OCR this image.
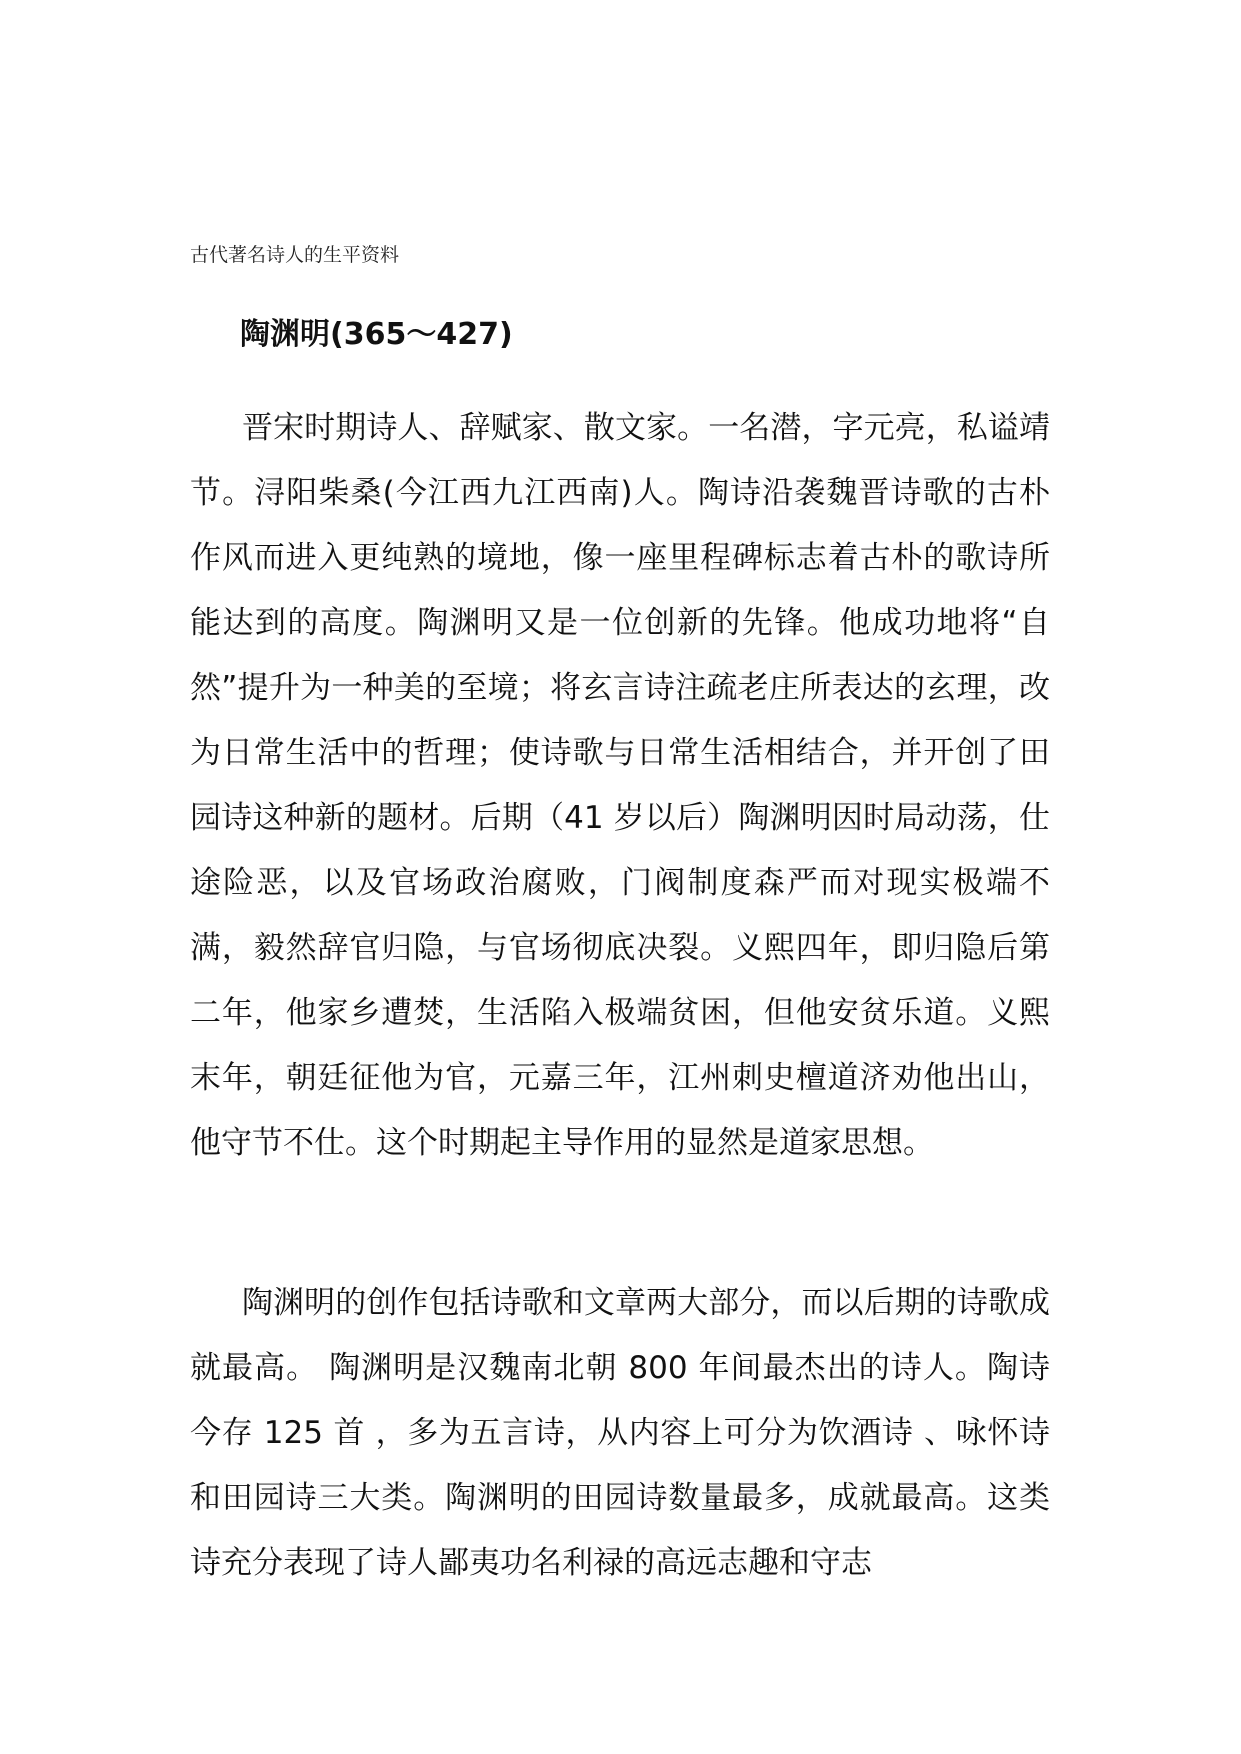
古代著名诗人的生平资料
陶渊明(365～427)

晋宋时期诗人、辞赋家、散文家。一名潜，字元亮，私谥靖节。浔阳柴桑(今江西九江西南)人。陶诗沿袭魏晋诗歌的古朴作风而进入更纯熟的境地，像一座里程碑标志着古朴的歌诗所能达到的高度。陶渊明又是一位创新的先锋。他成功地将“自然”提升为一种美的至境；将玄言诗注疏老庄所表达的玄理，改为日常生活中的哲理；使诗歌与日常生活相结合，并开创了田园诗这种新的题材。后期（41 岁以后）陶渊明因时局动荡，仕途险恶，以及官场政治腐败，门阀制度森严而对现实极端不满，毅然辞官归隐，与官场彻底决裂。义熙四年，即归隐后第二年，他家乡遭焚，生活陷入极端贫困，但他安贫乐道。义熙末年，朝廷征他为官，元嘉三年，江州刺史檀道济劝他出山，他守节不仕。这个时期起主导作用的显然是道家思想。

陶渊明的创作包括诗歌和文章两大部分，而以后期的诗歌成就最高。 陶渊明是汉魏南北朝 800 年间最杰出的诗人。陶诗今存 125 首 ，多为五言诗，从内容上可分为饮酒诗 、咏怀诗和田园诗三大类。陶渊明的田园诗数量最多，成就最高。这类诗充分表现了诗人鄙夷功名利禄的高远志趣和守志
